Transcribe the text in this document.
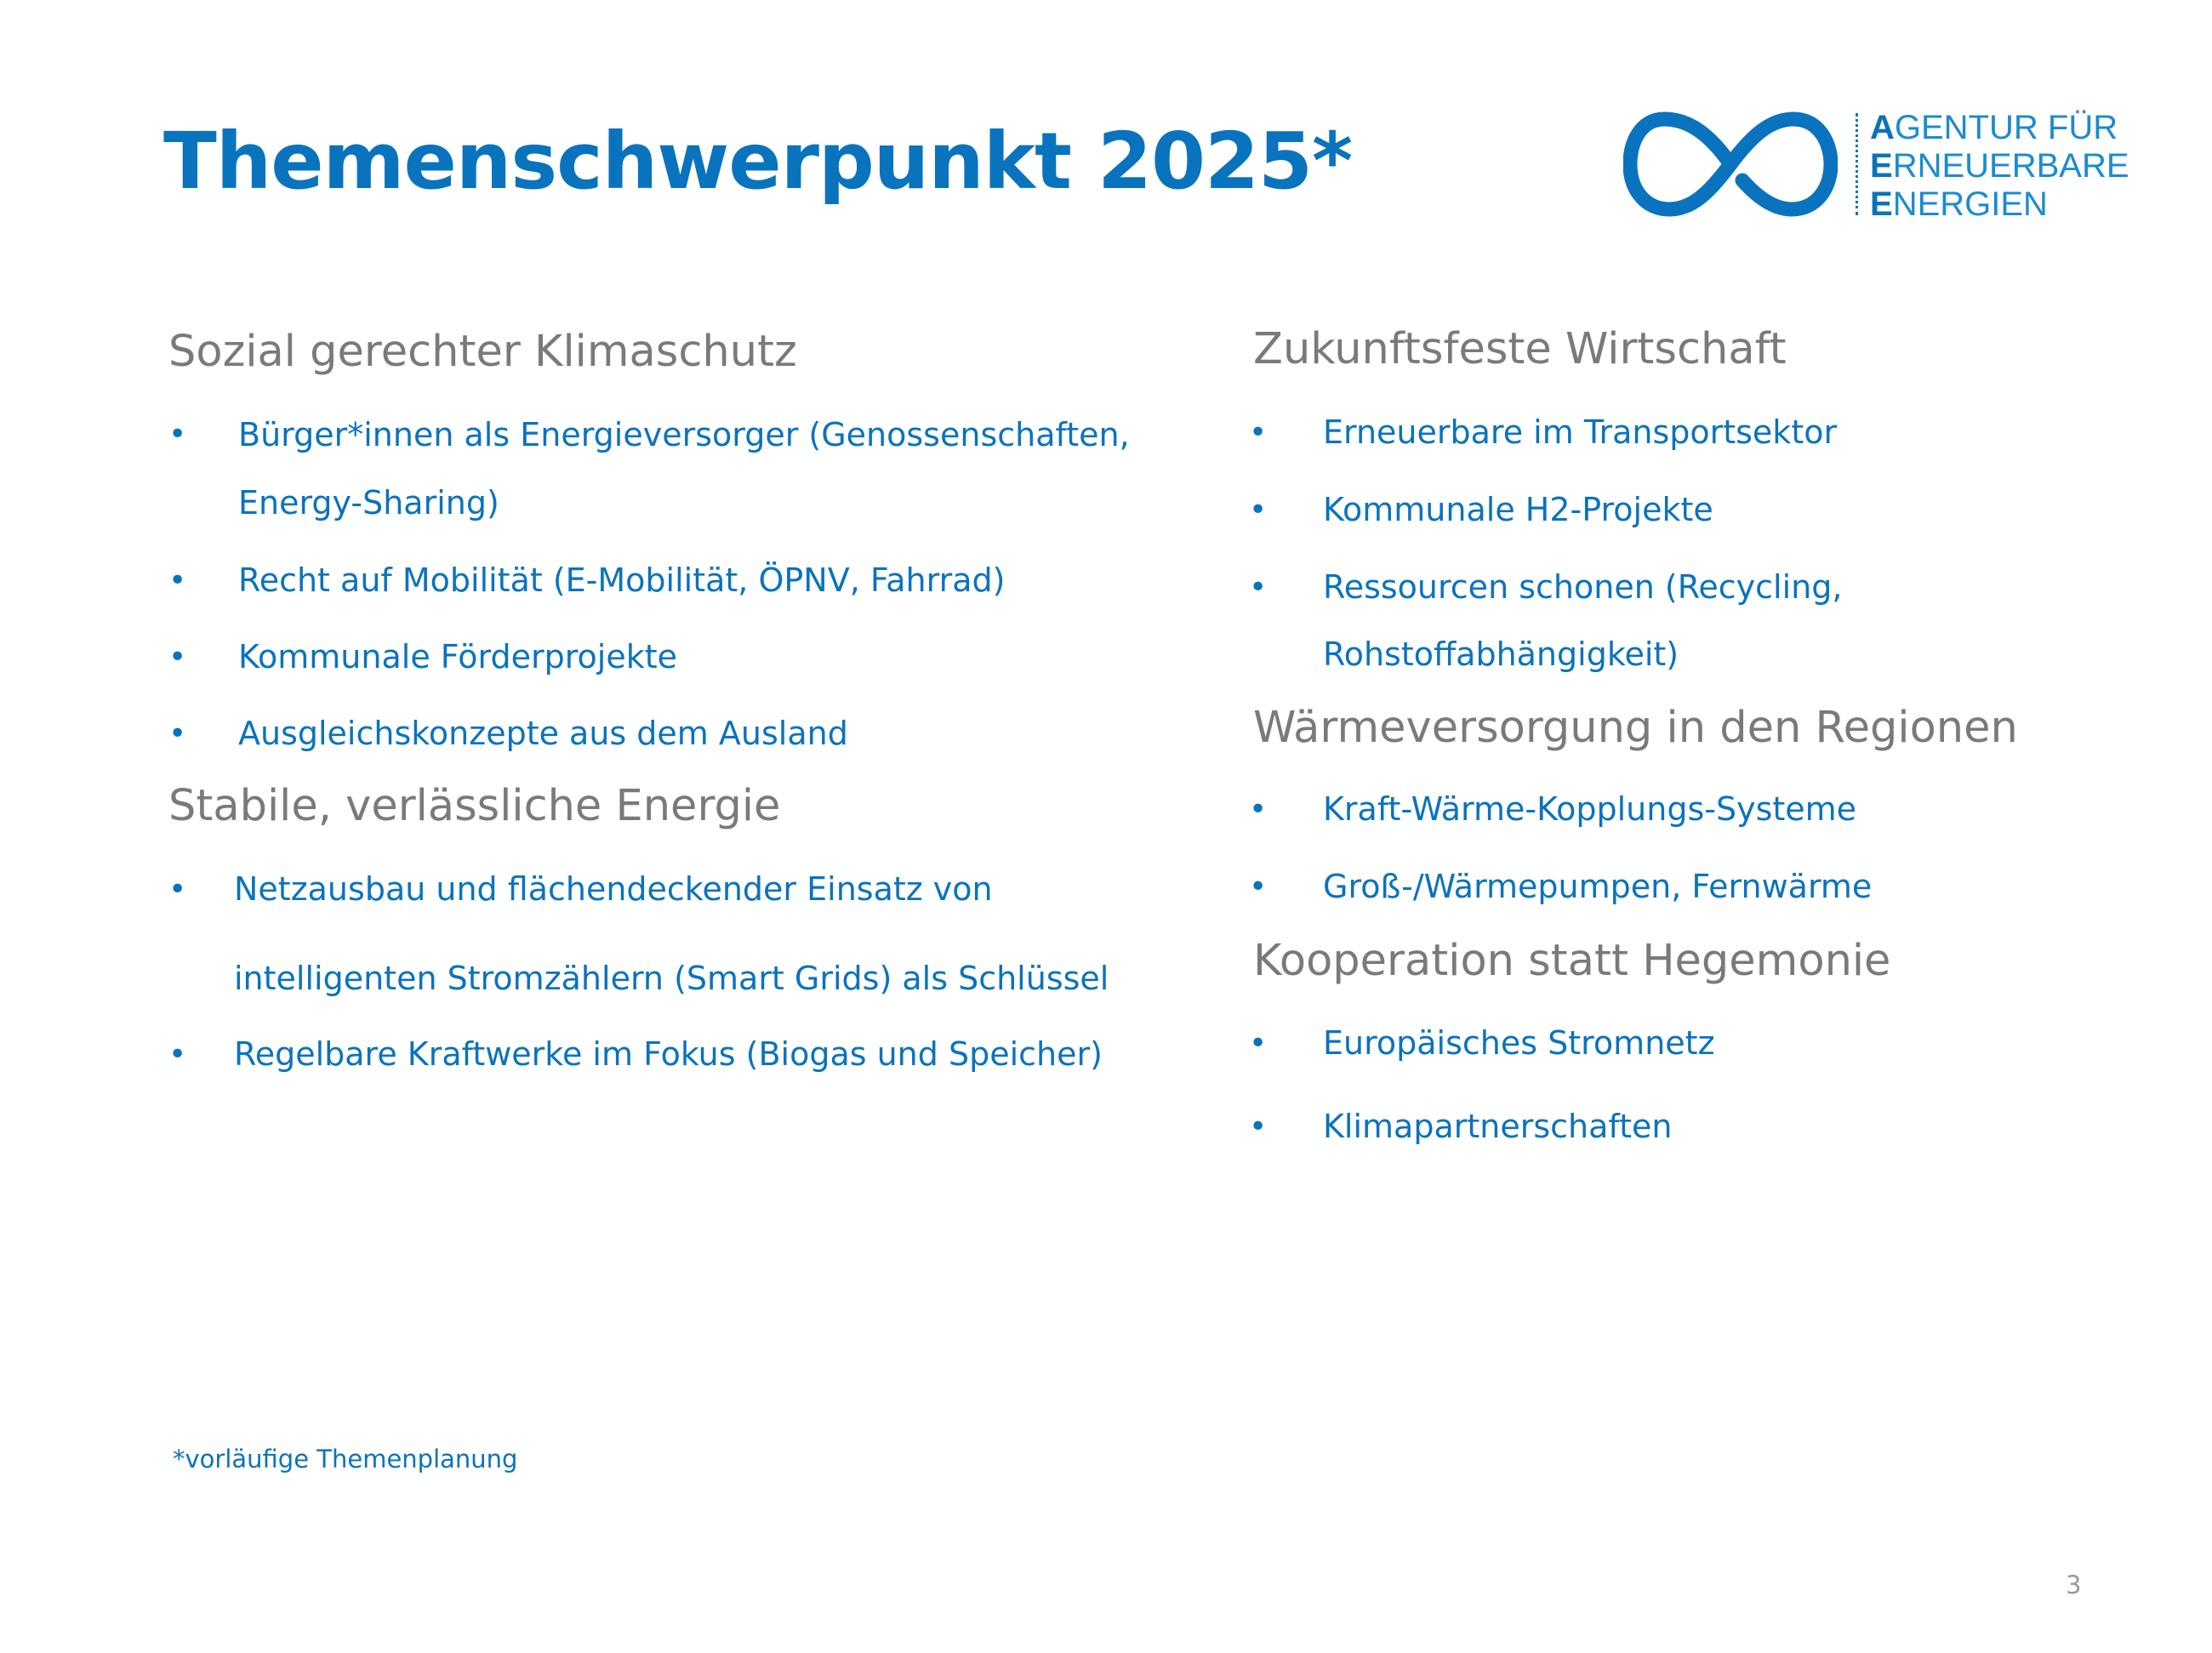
Themenschwerpunkt 2025*	AGENTUR FÜR
ERNEUERBARE
ENERGIEN
Sozial gerechter Klimaschutz
• Bürger*innen als Energieversorger (Genossenschaften,
Energy-Sharing)
• Recht auf Mobilität (E-Mobilität, ÖPNV, Fahrrad)
• Kommunale Förderprojekte
• Ausgleichskonzepte aus dem Ausland
Stabile, verlässliche Energie
• Netzausbau und flächendeckender Einsatz von
intelligenten Stromzählern (Smart Grids) als Schlüssel
• Regelbare Kraftwerke im Fokus (Biogas und Speicher)
Zukunftsfeste Wirtschaft
• Erneuerbare im Transportsektor
• Kommunale H2-Projekte
• Ressourcen schonen (Recycling,
Rohstoffabhängigkeit)
Wärmeversorgung in den Regionen
• Kraft-Wärme-Kopplungs-Systeme
• Groß-/Wärmepumpen, Fernwärme
Kooperation statt Hegemonie
• Europäisches Stromnetz
• Klimapartnerschaften
*vorläufige Themenplanung
3
